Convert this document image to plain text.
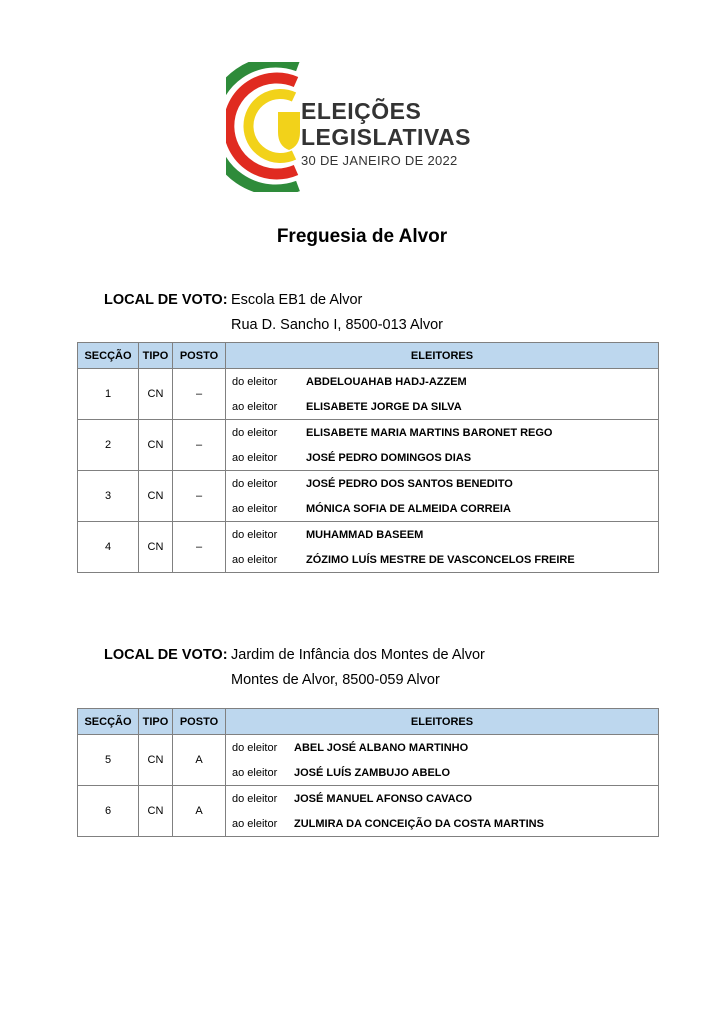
ELEIÇÕES
LEGISLATIVAS
30 DE JANEIRO DE 2022
Freguesia de Alvor
LOCAL DE VOTO: Escola EB1 de Alvor
Rua D. Sancho I, 8500-013 Alvor
SECÇÃO	TIPO	POSTO	ELEITORES
1	CN	–	do eleitor ABDELOUAHAB HADJ-AZZEM
			ao eleitor ELISABETE JORGE DA SILVA
2	CN	–	do eleitor ELISABETE MARIA MARTINS BARONET REGO
			ao eleitor JOSÉ PEDRO DOMINGOS DIAS
3	CN	–	do eleitor JOSÉ PEDRO DOS SANTOS BENEDITO
			ao eleitor MÓNICA SOFIA DE ALMEIDA CORREIA
4	CN	–	do eleitor MUHAMMAD BASEEM
			ao eleitor ZÓZIMO LUÍS MESTRE DE VASCONCELOS FREIRE
LOCAL DE VOTO: Jardim de Infância dos Montes de Alvor
Montes de Alvor, 8500-059 Alvor
SECÇÃO	TIPO	POSTO	ELEITORES
5	CN	A	do eleitor ABEL JOSÉ ALBANO MARTINHO
			ao eleitor JOSÉ LUÍS ZAMBUJO ABELO
6	CN	A	do eleitor JOSÉ MANUEL AFONSO CAVACO
			ao eleitor ZULMIRA DA CONCEIÇÃO DA COSTA MARTINS
